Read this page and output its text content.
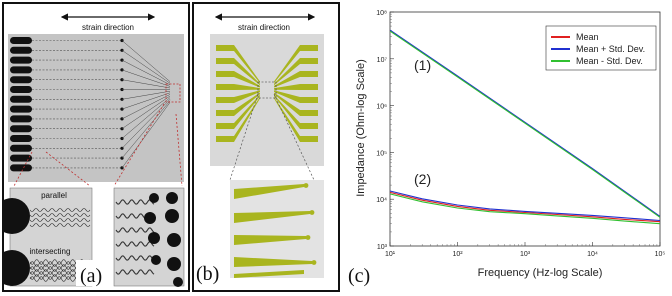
strain direction
parallel
intersecting
(a)
strain direction
(b)
10¹	10²	10³	10⁴	10⁵
10³
10⁴
10⁵
10⁶
10⁷
10⁸
(2)
(1)
Mean
Mean + Std. Dev.
Mean - Std. Dev.
Frequency (Hz-log Scale)
Impedance (Ohm-log Scale)
(c)
